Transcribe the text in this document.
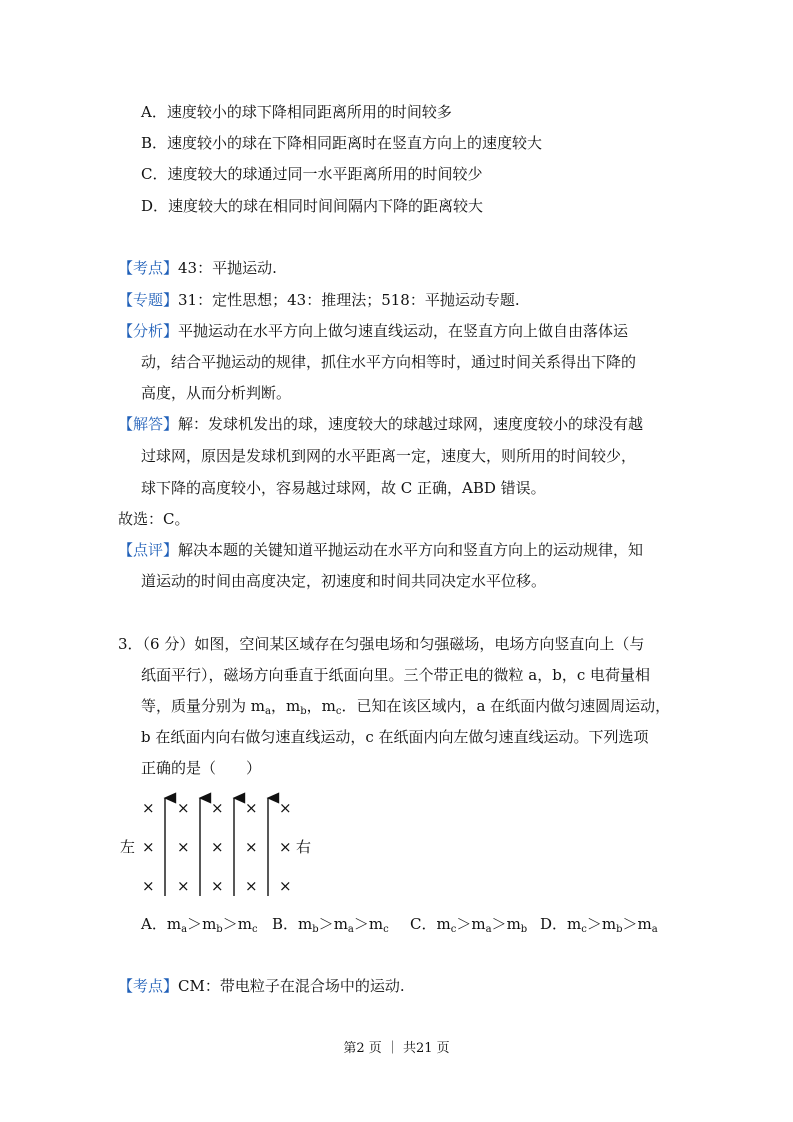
A．速度较小的球下降相同距离所用的时间较多
B．速度较小的球在下降相同距离时在竖直方向上的速度较大
C．速度较大的球通过同一水平距离所用的时间较少
D．速度较大的球在相同时间间隔内下降的距离较大
【考点】43：平抛运动.
【专题】31：定性思想；43：推理法；518：平抛运动专题.
【分析】平抛运动在水平方向上做匀速直线运动，在竖直方向上做自由落体运
动，结合平抛运动的规律，抓住水平方向相等时，通过时间关系得出下降的
高度，从而分析判断。
【解答】解：发球机发出的球，速度较大的球越过球网，速度度较小的球没有越
过球网，原因是发球机到网的水平距离一定，速度大，则所用的时间较少，
球下降的高度较小，容易越过球网，故 C 正确，ABD 错误。
故选：C。
【点评】解决本题的关键知道平抛运动在水平方向和竖直方向上的运动规律，知
道运动的时间由高度决定，初速度和时间共同决定水平位移。
3．（6 分）如图，空间某区域存在匀强电场和匀强磁场，电场方向竖直向上（与
纸面平行），磁场方向垂直于纸面向里。三个带正电的微粒 a，b，c 电荷量相
等，质量分别为 $m_a$，$m_b$，$m_c$．已知在该区域内，a 在纸面内做匀速圆周运动，
b 在纸面内向右做匀速直线运动，c 在纸面内向左做匀速直线运动。下列选项
正确的是（　　）
× × × × ×
左 × × × × × 右
× × × × ×
A．$m_a>m_b>m_c$ B．$m_b>m_a>m_c$ C．$m_c>m_a>m_b$ D．$m_c>m_b>m_a$
【考点】CM：带电粒子在混合场中的运动.
第2 页 ｜ 共21 页
